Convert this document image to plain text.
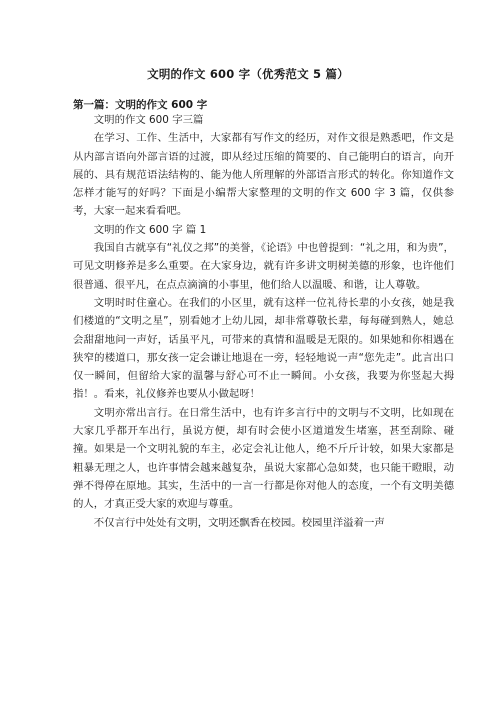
文明的作文 600 字（优秀范文 5 篇）
第一篇：文明的作文 600 字

文明的作文 600 字三篇

在学习、工作、生活中，大家都有写作文的经历，对作文很是熟悉吧，作文是从内部言语向外部言语的过渡，即从经过压缩的简要的、自己能明白的语言，向开展的、具有规范语法结构的、能为他人所理解的外部语言形式的转化。你知道作文怎样才能写的好吗？下面是小编帮大家整理的文明的作文 600 字 3 篇，仅供参考，大家一起来看看吧。

文明的作文 600 字 篇 1

我国自古就享有“礼仪之邦”的美誉，《论语》中也曾提到：“礼之用，和为贵”，可见文明修养是多么重要。在大家身边，就有许多讲文明树美德的形象，也许他们很普通、很平凡，在点点滴滴的小事里，他们给人以温暖、和谐，让人尊敬。

文明时时住童心。在我们的小区里，就有这样一位礼待长辈的小女孩，她是我们楼道的“文明之星”，别看她才上幼儿园，却非常尊敬长辈，每每碰到熟人，她总会甜甜地问一声好，话虽平凡，可带来的真情和温暖是无限的。如果她和你相遇在狭窄的楼道口，那女孩一定会谦让地退在一旁，轻轻地说一声“您先走”。此言出口仅一瞬间，但留给大家的温馨与舒心可不止一瞬间。小女孩，我要为你竖起大拇指！。看来，礼仪修养也要从小做起呀！

文明亦常出言行。在日常生活中，也有许多言行中的文明与不文明，比如现在大家几乎都开车出行，虽说方便，却有时会使小区道道发生堵塞，甚至刮除、碰撞。如果是一个文明礼貌的车主，必定会礼让他人，绝不斤斤计较，如果大家都是粗暴无理之人，也许事情会越来越复杂，虽说大家都心急如焚，也只能干瞪眼，动弹不得停在原地。其实，生活中的一言一行都是你对他人的态度，一个有文明美德的人，才真正受大家的欢迎与尊重。

不仅言行中处处有文明，文明还飘香在校园。校园里洋溢着一声
